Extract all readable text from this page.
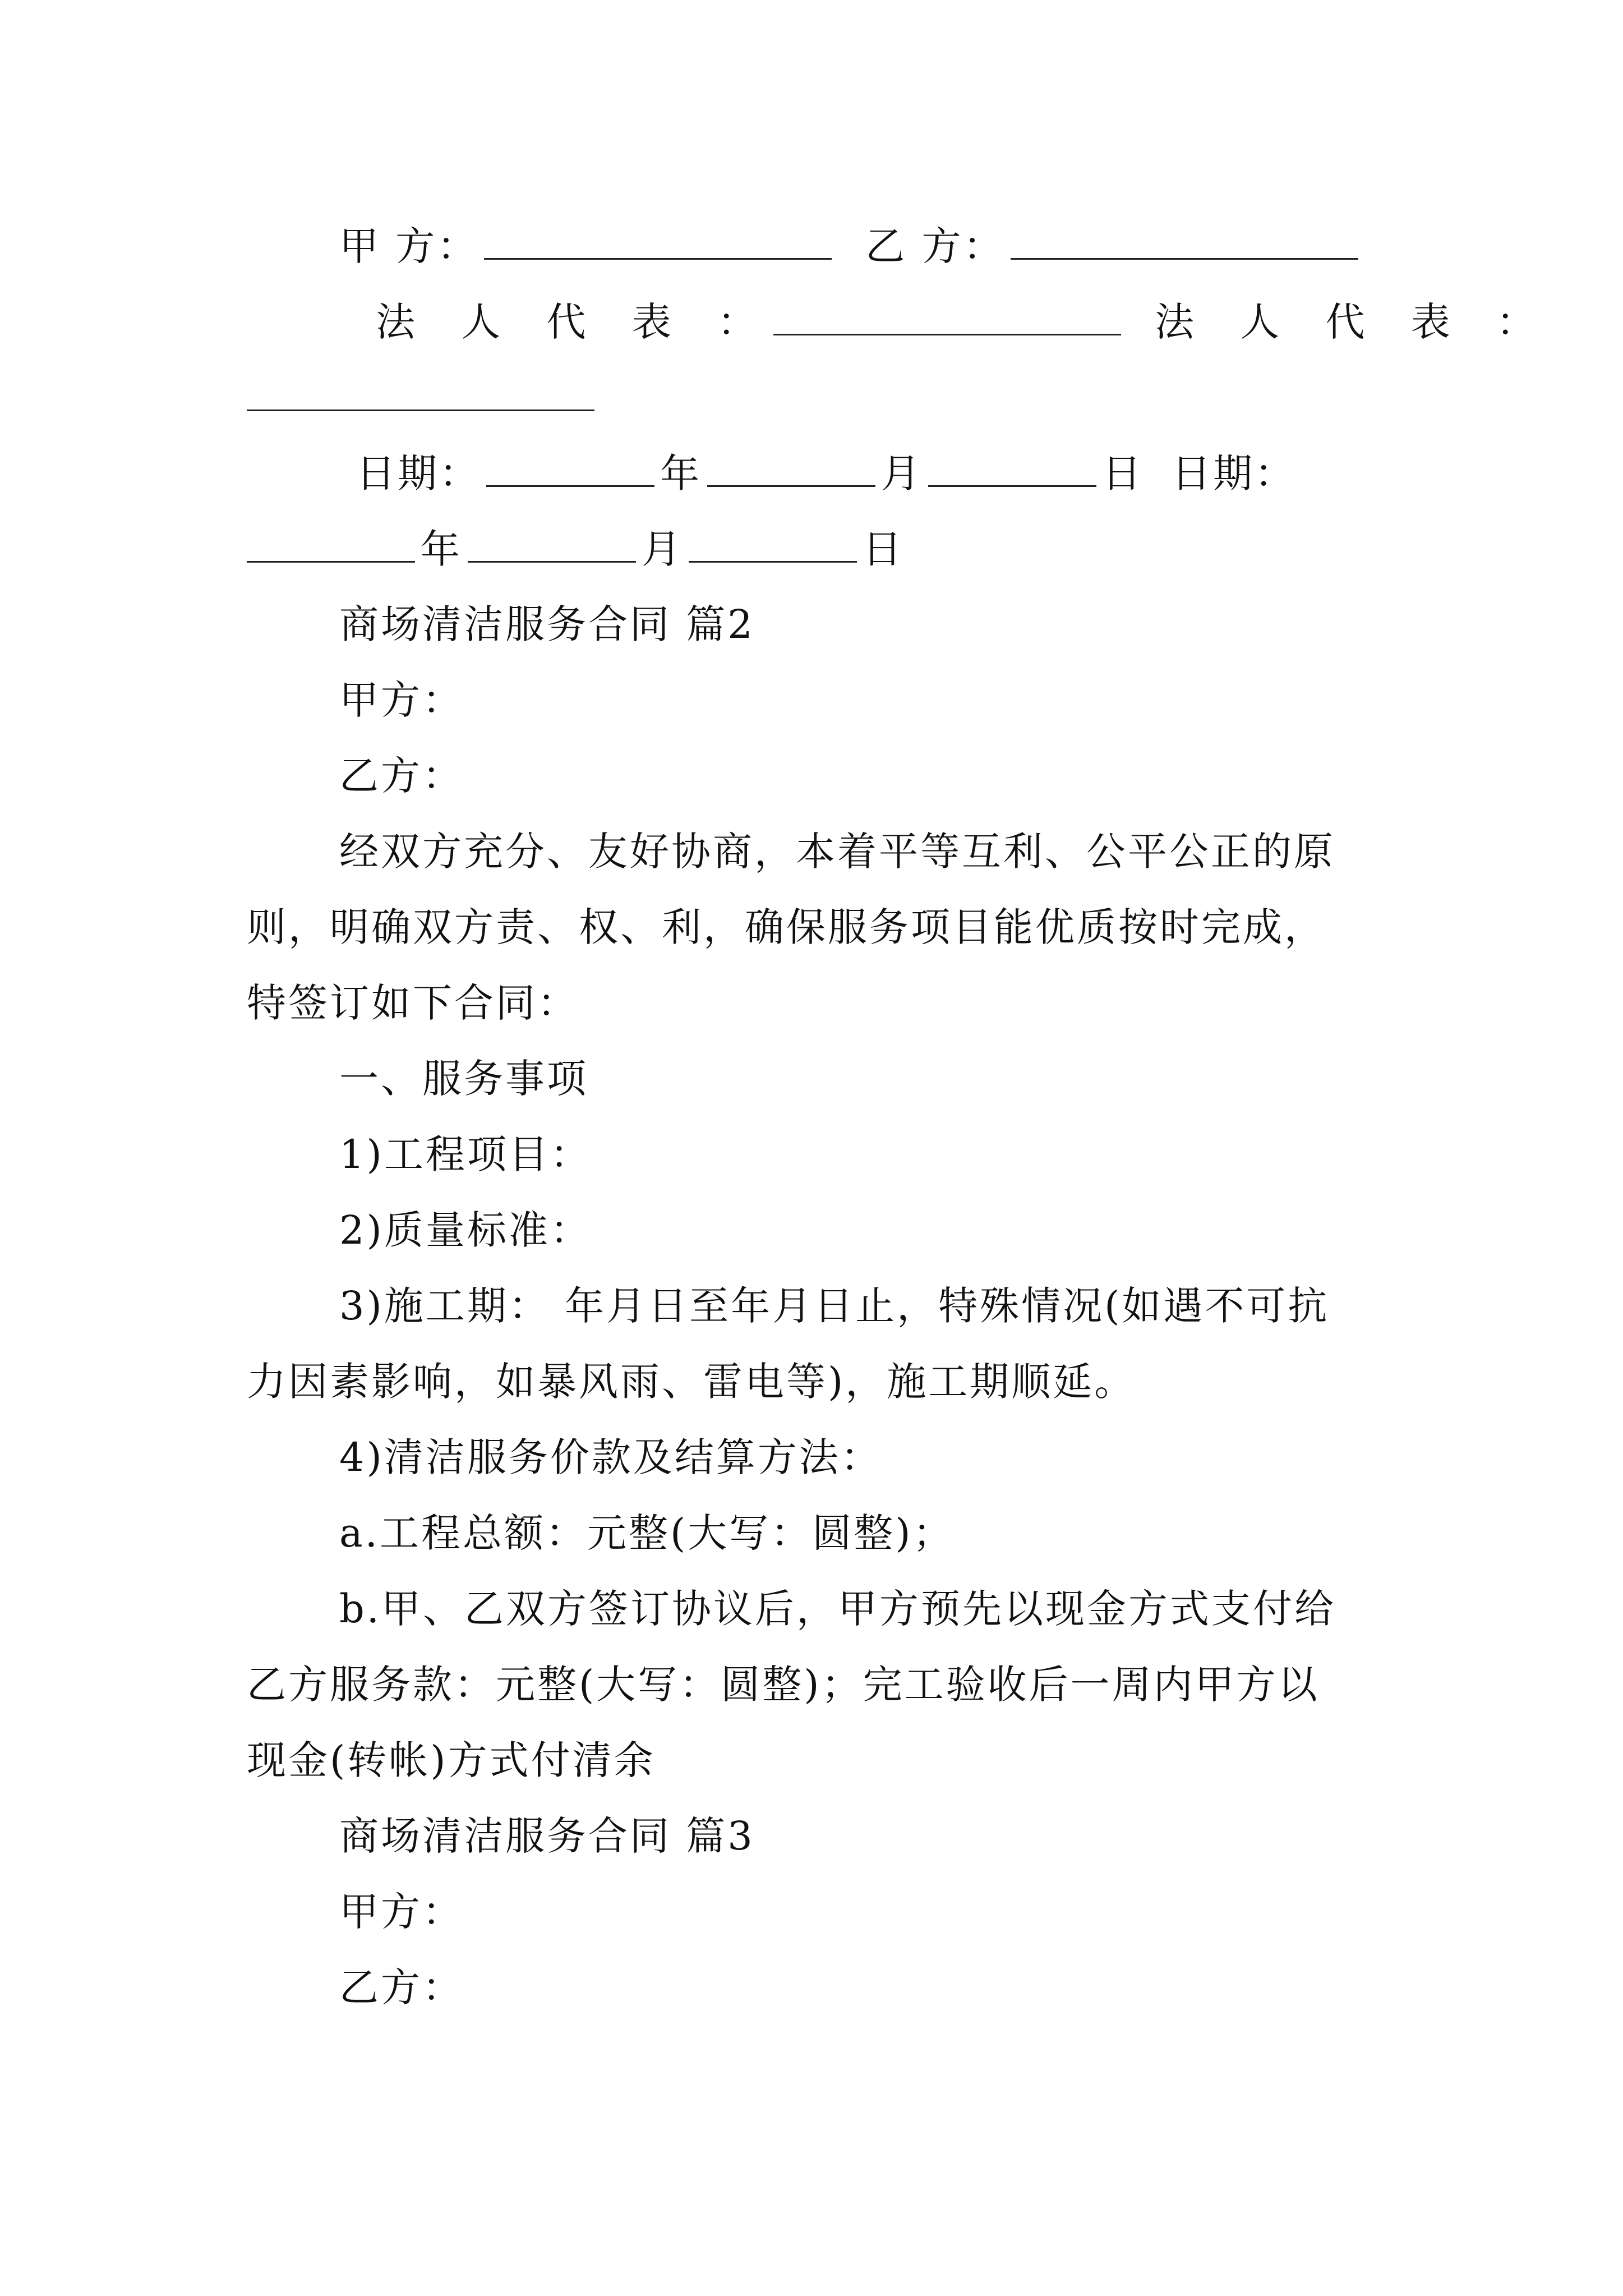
甲 方：	乙 方：
法 人 代 表 ：	法 人 代 表 ：
日期：	年	月	日 日期：
年	月	日
商场清洁服务合同 篇2
甲方：
乙方：
经双方充分、友好协商，本着平等互利、公平公正的原
则，明确双方责、权、利，确保服务项目能优质按时完成，
特签订如下合同：
一、服务事项
1)工程项目：
2)质量标准：
3)施工期： 年月日至年月日止，特殊情况(如遇不可抗
力因素影响，如暴风雨、雷电等)，施工期顺延。
4)清洁服务价款及结算方法：
a.工程总额：元整(大写：圆整)；
b.甲、乙双方签订协议后，甲方预先以现金方式支付给
乙方服务款：元整(大写：圆整)；完工验收后一周内甲方以
现金(转帐)方式付清余
商场清洁服务合同 篇3
甲方：
乙方：
